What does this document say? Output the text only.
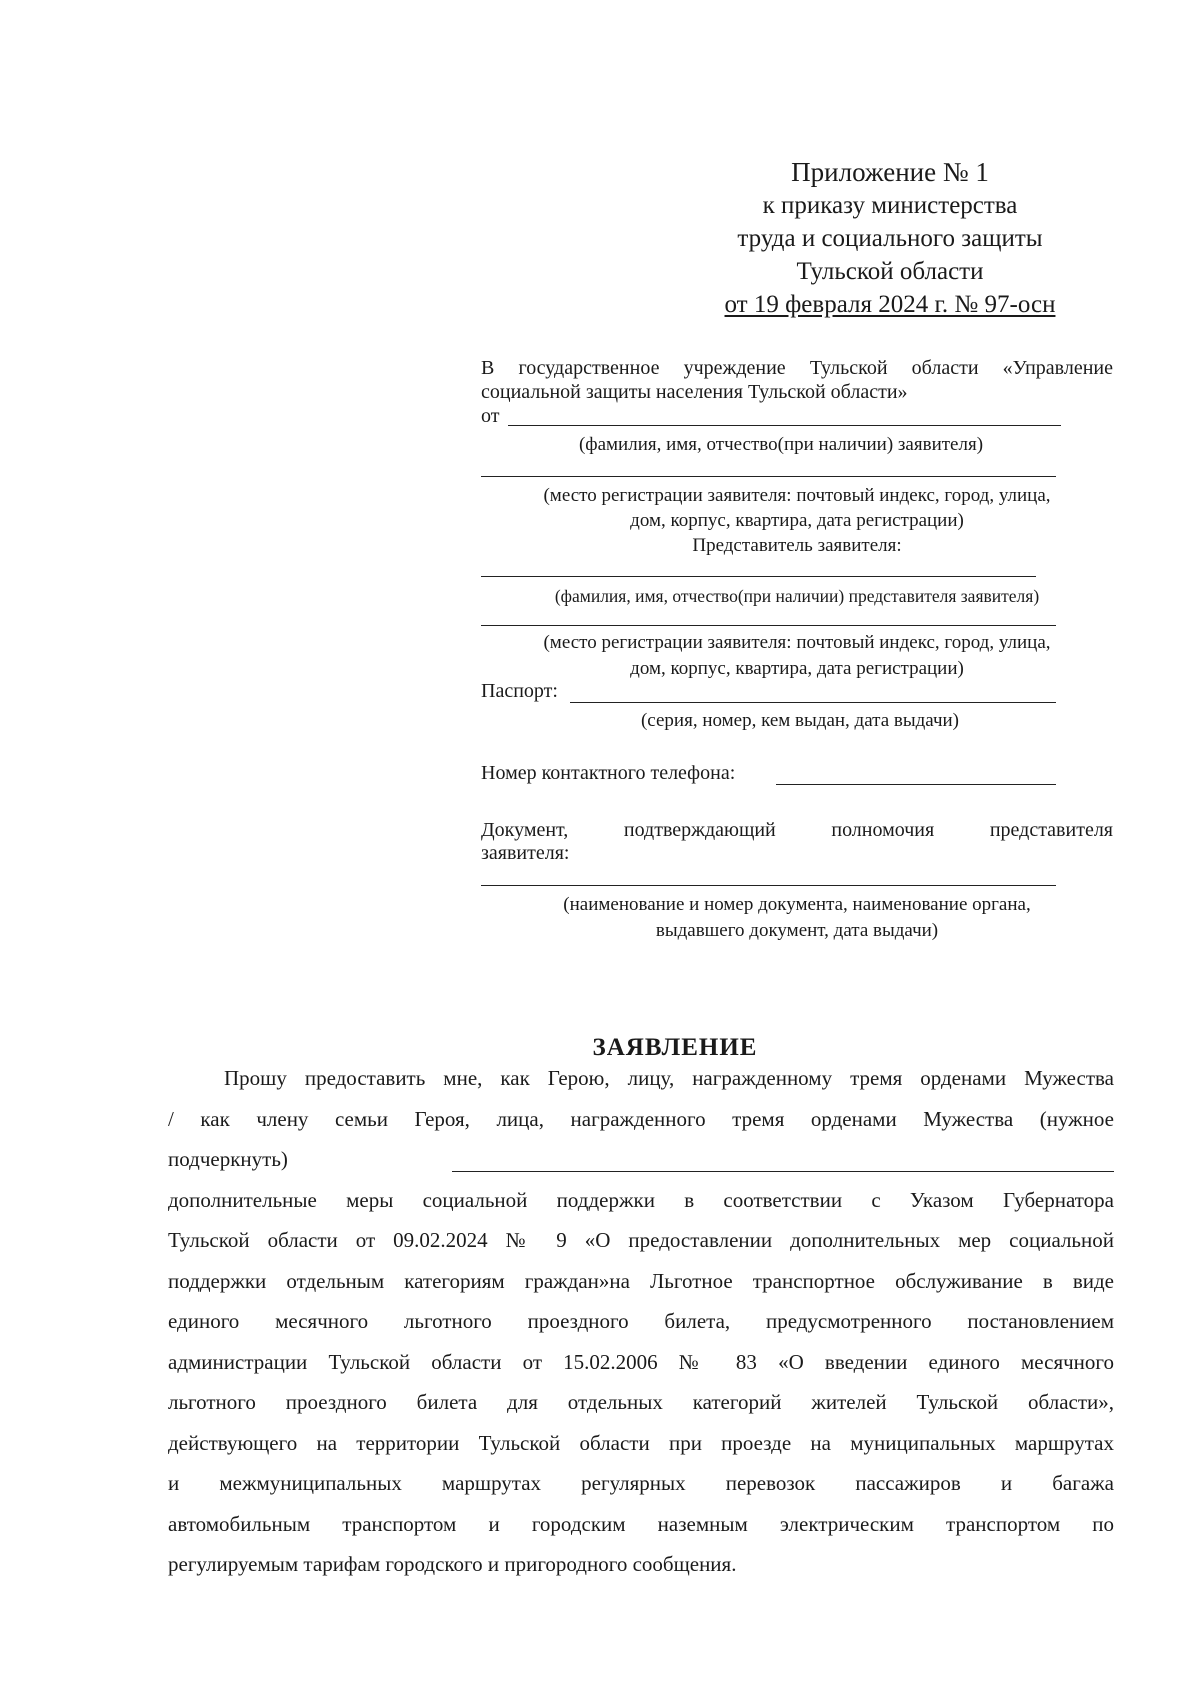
Приложение № 1
к приказу министерства
труда и социального защиты
Тульской области
от 19 февраля 2024 г. № 97-осн
В государственное учреждение Тульской области «Управление
социальной защиты населения Тульской области»
от
(фамилия, имя, отчество(при наличии) заявителя)
(место регистрации заявителя: почтовый индекс, город, улица,
дом, корпус, квартира, дата регистрации)
Представитель заявителя:
(фамилия, имя, отчество(при наличии) представителя заявителя)
(место регистрации заявителя: почтовый индекс, город, улица,
дом, корпус, квартира, дата регистрации)
Паспорт:
(серия, номер, кем выдан, дата выдачи)
Номер контактного телефона:
Документ, подтверждающий полномочия представителя
заявителя:
(наименование и номер документа, наименование органа,
выдавшего документ, дата выдачи)
ЗАЯВЛЕНИЕ
Прошу предоставить мне, как Герою, лицу, награжденному тремя орденами Мужества
/ как члену семьи Героя, лица, награжденного тремя орденами Мужества (нужное
подчеркнуть)
дополнительные меры социальной поддержки в соответствии с Указом Губернатора
Тульской области от 09.02.2024 № 9 «О предоставлении дополнительных мер социальной
поддержки отдельным категориям граждан»на Льготное транспортное обслуживание в виде
единого месячного льготного проездного билета, предусмотренного постановлением
администрации Тульской области от 15.02.2006 № 83 «О введении единого месячного
льготного проездного билета для отдельных категорий жителей Тульской области»,
действующего на территории Тульской области при проезде на муниципальных маршрутах
и межмуниципальных маршрутах регулярных перевозок пассажиров и багажа
автомобильным транспортом и городским наземным электрическим транспортом по
регулируемым тарифам городского и пригородного сообщения.
